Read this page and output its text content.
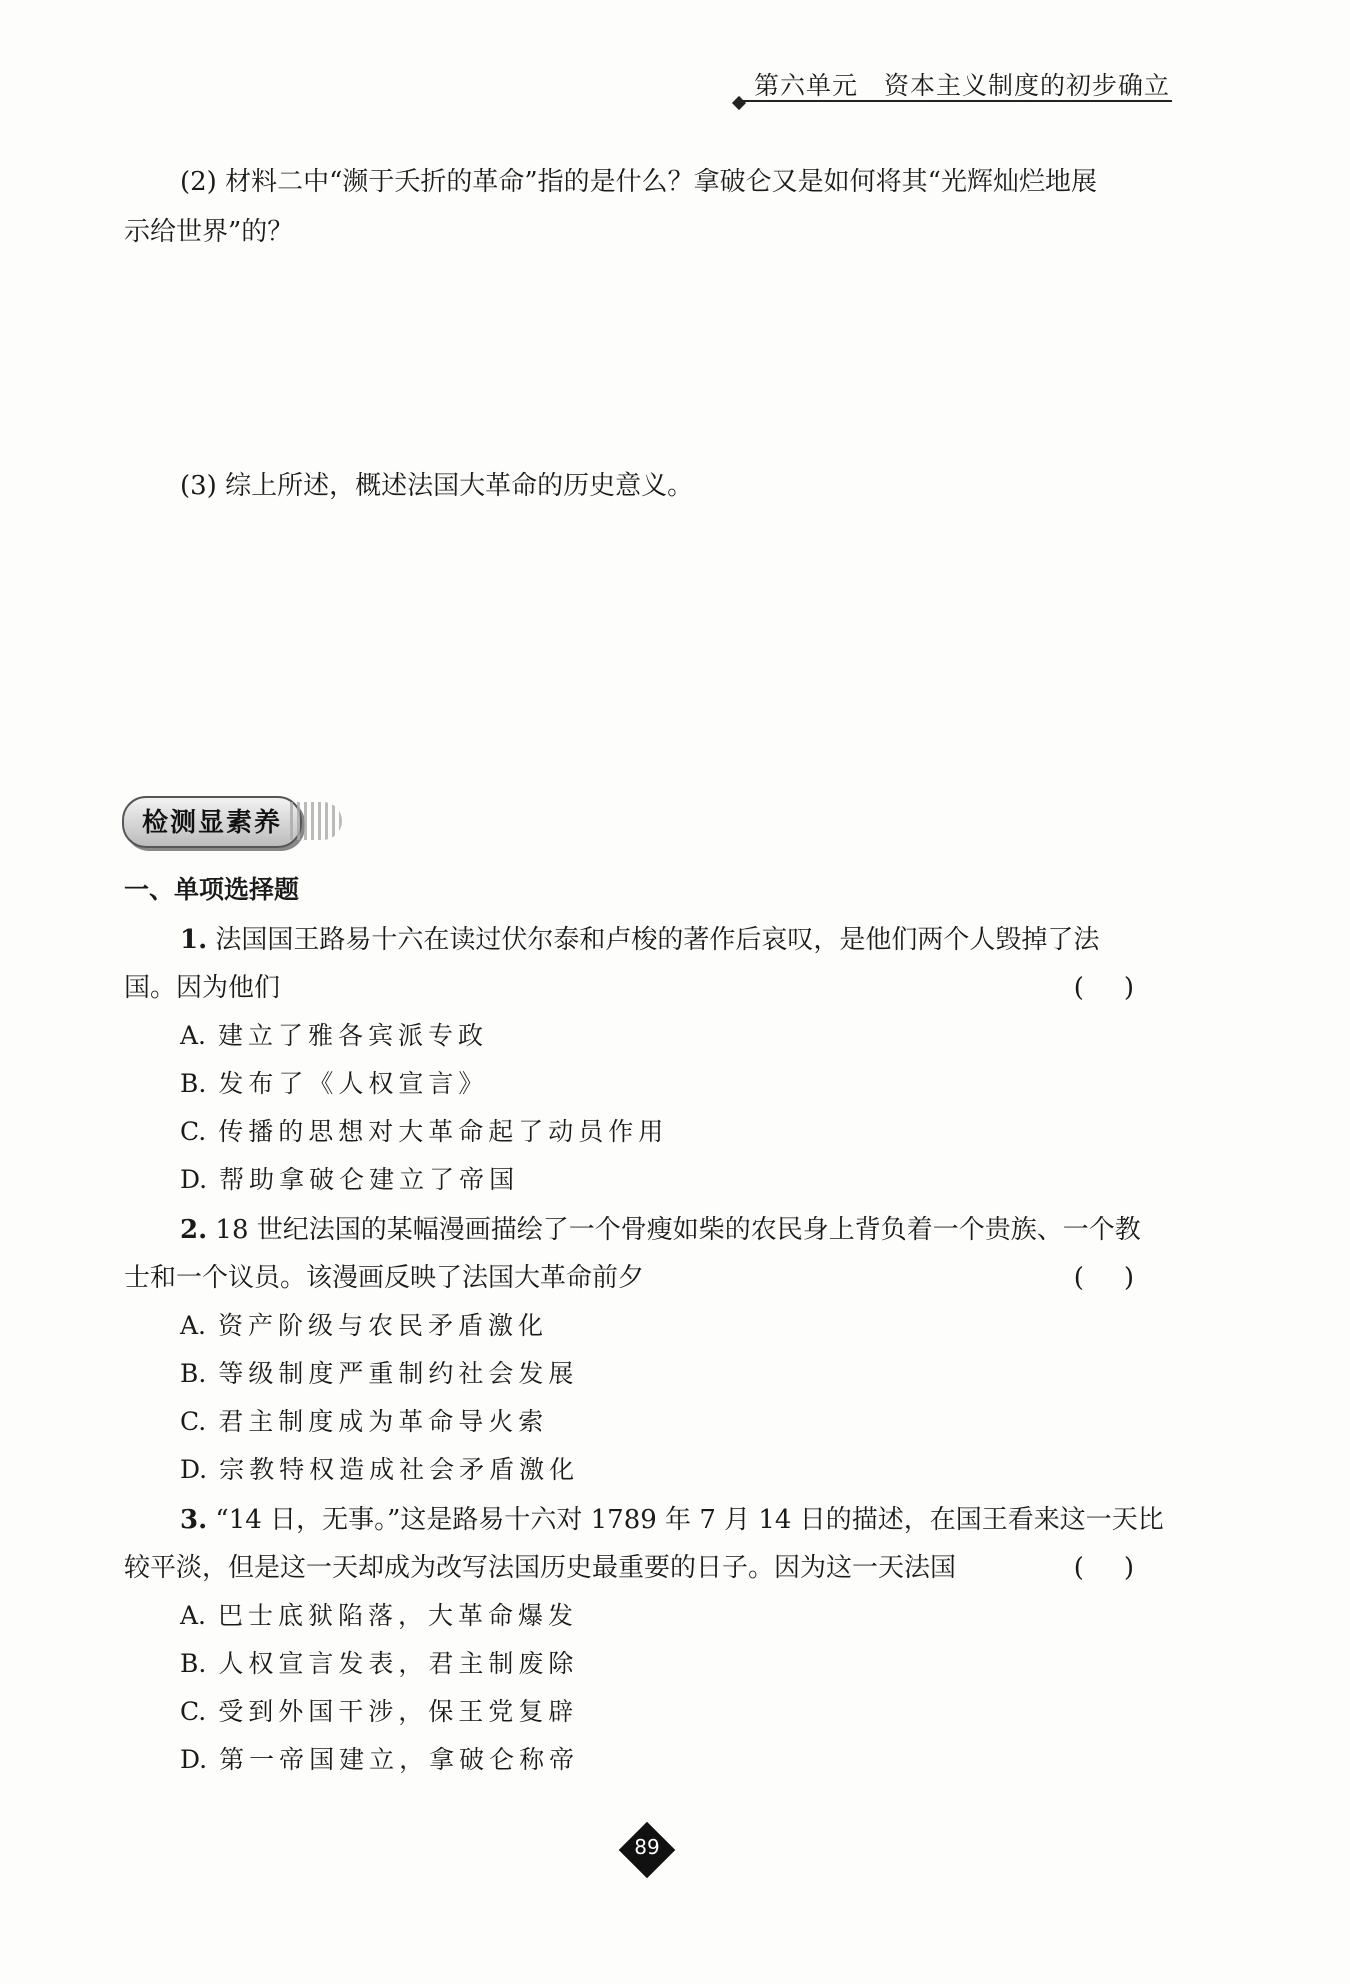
第六单元　资本主义制度的初步确立
(2) 材料二中“濒于夭折的革命”指的是什么？拿破仑又是如何将其“光辉灿烂地展
示给世界”的？
(3) 综上所述，概述法国大革命的历史意义。
检测显素养
一、单项选择题
1. 法国国王路易十六在读过伏尔泰和卢梭的著作后哀叹，是他们两个人毁掉了法
国。因为他们	()
A. 建立了雅各宾派专政
B. 发布了《人权宣言》
C. 传播的思想对大革命起了动员作用
D. 帮助拿破仑建立了帝国
2. 18 世纪法国的某幅漫画描绘了一个骨瘦如柴的农民身上背负着一个贵族、一个教
士和一个议员。该漫画反映了法国大革命前夕	()
A. 资产阶级与农民矛盾激化
B. 等级制度严重制约社会发展
C. 君主制度成为革命导火索
D. 宗教特权造成社会矛盾激化
3. “14 日，无事。”这是路易十六对 1789 年 7 月 14 日的描述，在国王看来这一天比
较平淡，但是这一天却成为改写法国历史最重要的日子。因为这一天法国	()
A. 巴士底狱陷落，大革命爆发
B. 人权宣言发表，君主制废除
C. 受到外国干涉，保王党复辟
D. 第一帝国建立，拿破仑称帝
89
